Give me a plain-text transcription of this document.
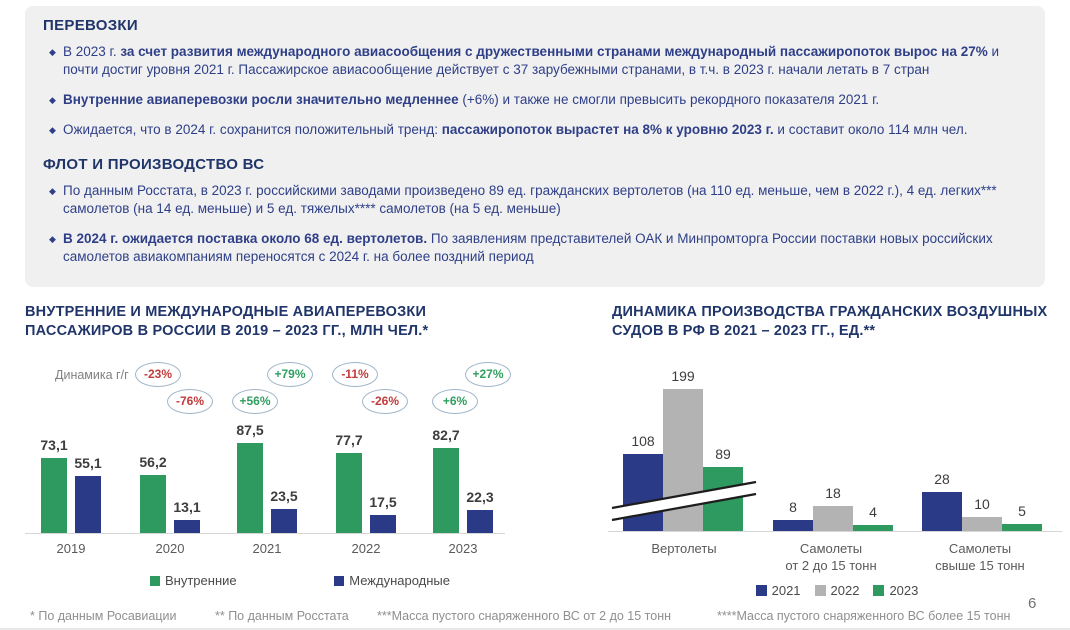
ПЕРЕВОЗКИ
◆ В 2023 г. за счет развития международного авиасообщения с дружественными странами международный пассажиропоток вырос на 27% и почти достиг уровня 2021 г. Пассажирское авиасообщение действует с 37 зарубежными странами, в т.ч. в 2023 г. начали летать в 7 стран
◆ Внутренние авиаперевозки росли значительно медленнее (+6%) и также не смогли превысить рекордного показателя 2021 г.
◆ Ожидается, что в 2024 г. сохранится положительный тренд: пассажиропоток вырастет на 8% к уровню 2023 г. и составит около 114 млн чел.
ФЛОТ И ПРОИЗВОДСТВО ВС
◆ По данным Росстата, в 2023 г. российскими заводами произведено 89 ед. гражданских вертолетов (на 110 ед. меньше, чем в 2022 г.), 4 ед. легких*** самолетов (на 14 ед. меньше) и 5 ед. тяжелых**** самолетов (на 5 ед. меньше)
◆ В 2024 г. ожидается поставка около 68 ед. вертолетов. По заявлениям представителей ОАК и Минпромторга России поставки новых российских самолетов авиакомпаниям переносятся с 2024 г. на более поздний период
ВНУТРЕННИЕ И МЕЖДУНАРОДНЫЕ АВИАПЕРЕВОЗКИ ПАССАЖИРОВ В РОССИИ В 2019 – 2023 ГГ., МЛН ЧЕЛ.*
Динамика г/г
73,1
55,1
2019
56,2
13,1
2020
87,5
23,5
2021
77,7
17,5
2022
82,7
22,3
2023
-23%
-76%
+79%
+56%
-11%
-26%
+27%
+6%
Внутренние	Международные
ДИНАМИКА ПРОИЗВОДСТВА ГРАЖДАНСКИХ ВОЗДУШНЫХ СУДОВ В РФ В 2021 – 2023 ГГ., ЕД.**
108
199
89
Вертолеты
8
18
4
Самолеты
от 2 до 15 тонн
28
10	5
Самолеты
свыше 15 тонн
2021 2022 2023
* По данным Росавиации	** По данным Росстата ***Масса пустого снаряженного ВС от 2 до 15 тонн	****Масса пустого снаряженного ВС более 15 тонн
6
